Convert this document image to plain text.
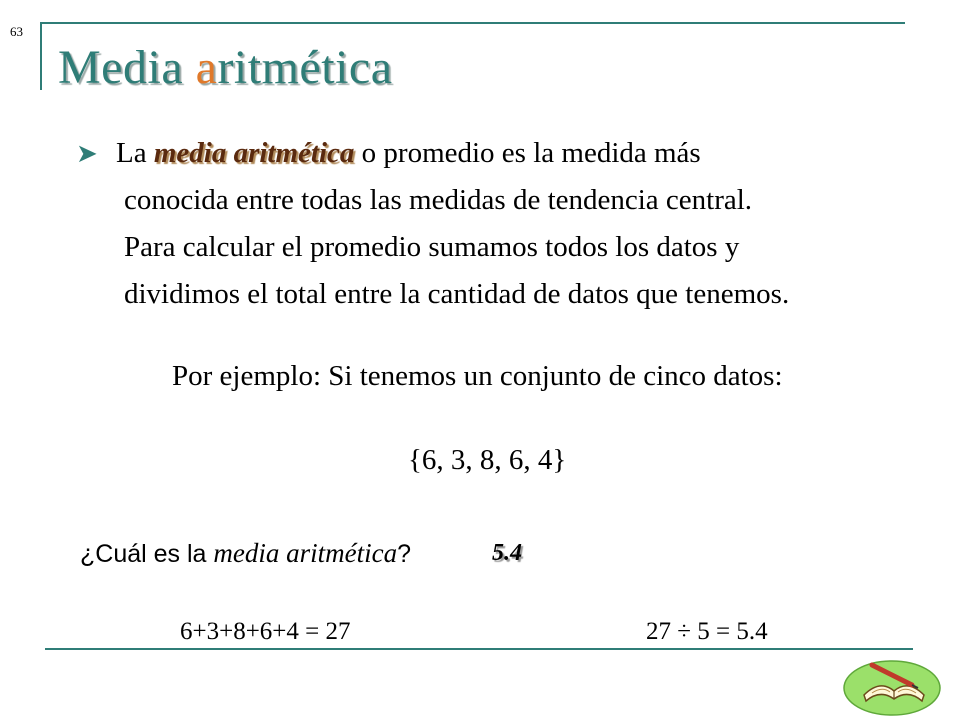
63
Media aritmética
➤ La media aritmética o promedio es la medida más
conocida entre todas las medidas de tendencia central.
Para calcular el promedio sumamos todos los datos y
dividimos el total entre la cantidad de datos que tenemos.
Por ejemplo: Si tenemos un conjunto de cinco datos:
{6, 3, 8, 6, 4}
¿Cuál es la media aritmética?	5.4
6+3+8+6+4 = 27	27 ÷ 5 = 5.4
